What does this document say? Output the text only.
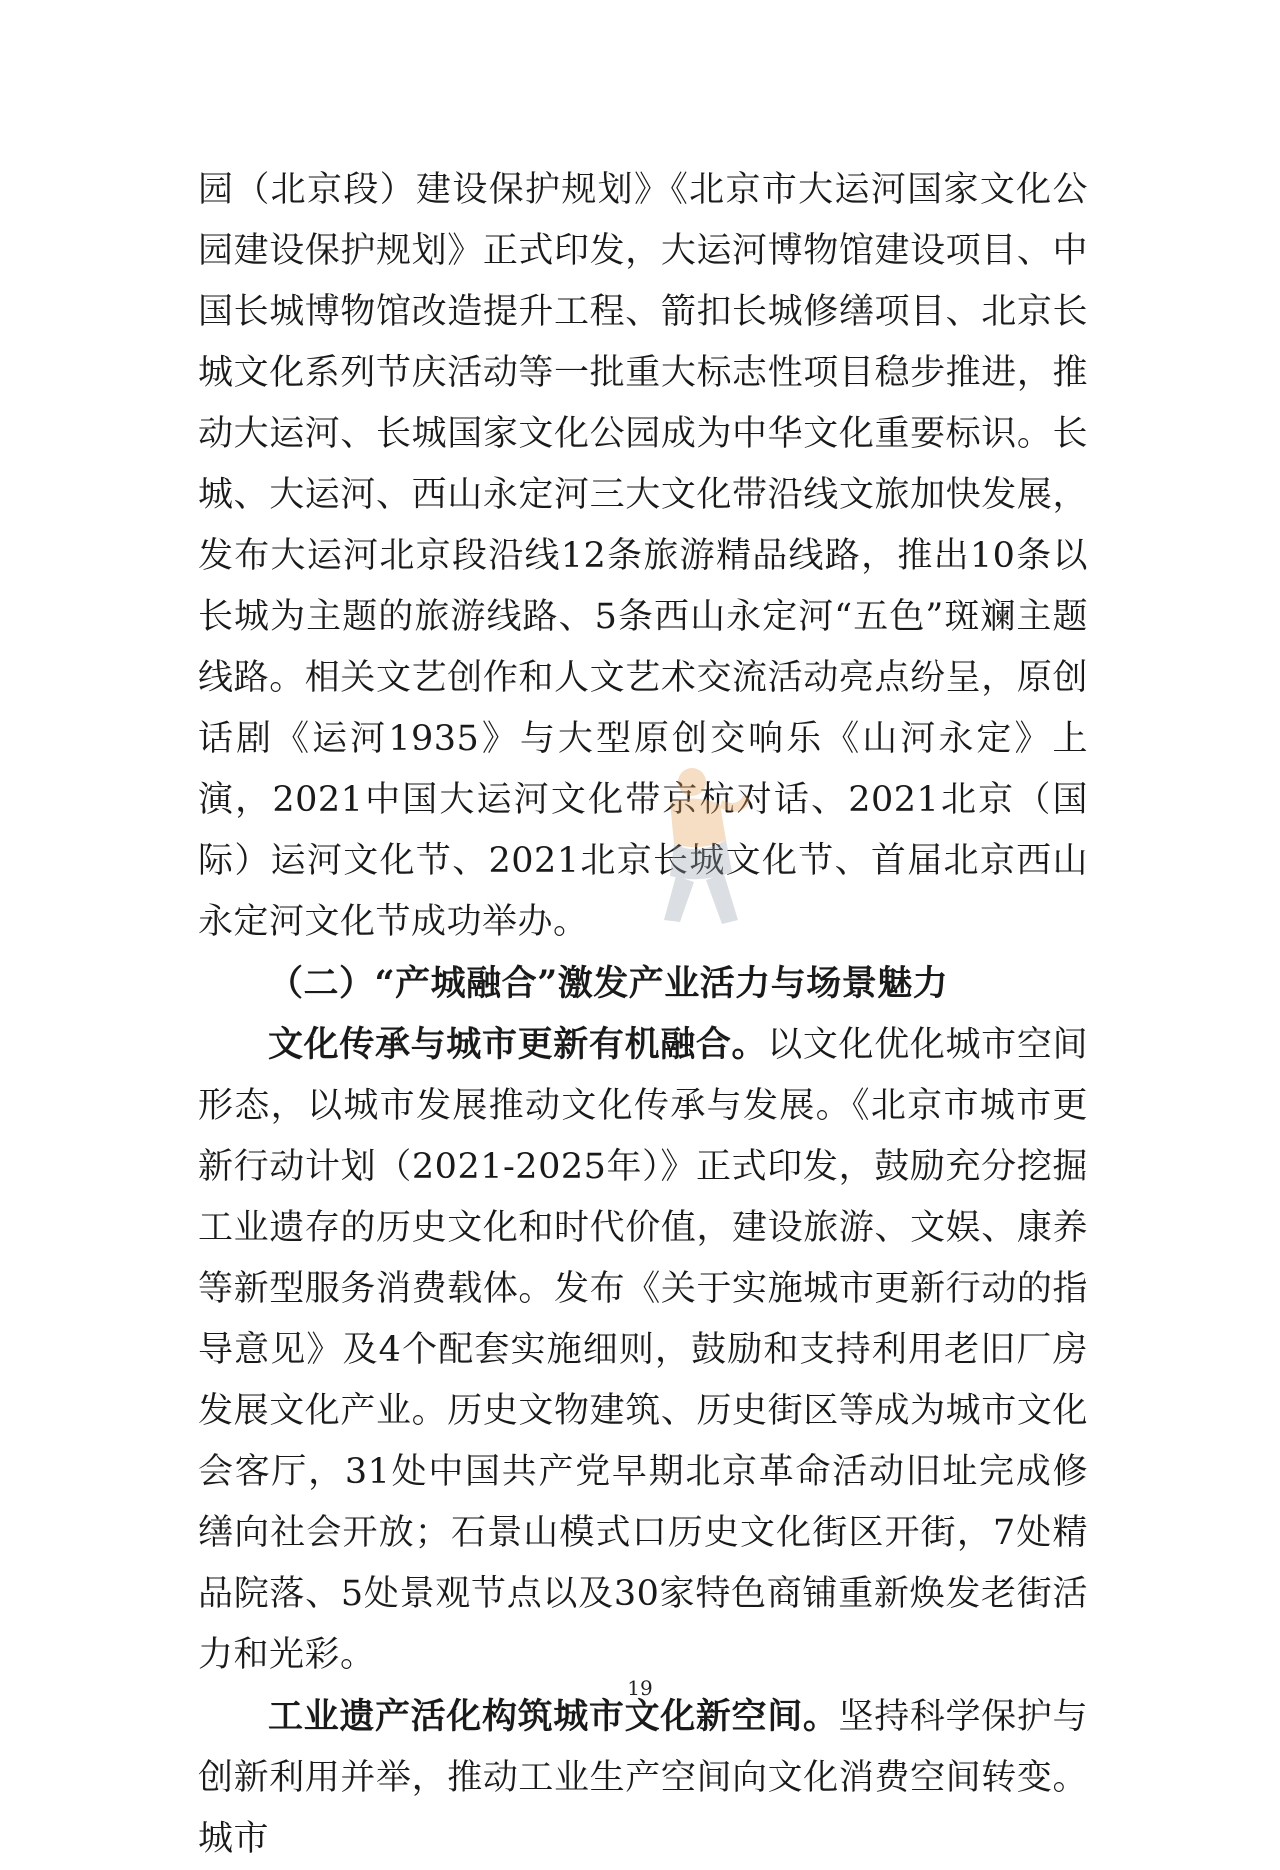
园（北京段）建设保护规划》《北京市大运河国家文化公园建设保护规划》正式印发，大运河博物馆建设项目、中国长城博物馆改造提升工程、箭扣长城修缮项目、北京长城文化系列节庆活动等一批重大标志性项目稳步推进，推动大运河、长城国家文化公园成为中华文化重要标识。长城、大运河、西山永定河三大文化带沿线文旅加快发展，发布大运河北京段沿线12条旅游精品线路，推出10条以长城为主题的旅游线路、5条西山永定河“五色”斑斓主题线路。相关文艺创作和人文艺术交流活动亮点纷呈，原创话剧《运河1935》与大型原创交响乐《山河永定》上演，2021中国大运河文化带京杭对话、2021北京（国际）运河文化节、2021北京长城文化节、首届北京西山永定河文化节成功举办。

（二）“产城融合”激发产业活力与场景魅力

文化传承与城市更新有机融合。以文化优化城市空间形态，以城市发展推动文化传承与发展。《北京市城市更新行动计划（2021-2025年）》正式印发，鼓励充分挖掘工业遗存的历史文化和时代价值，建设旅游、文娱、康养等新型服务消费载体。发布《关于实施城市更新行动的指导意见》及4个配套实施细则，鼓励和支持利用老旧厂房发展文化产业。历史文物建筑、历史街区等成为城市文化会客厅，31处中国共产党早期北京革命活动旧址完成修缮向社会开放；石景山模式口历史文化街区开街，7处精品院落、5处景观节点以及30家特色商铺重新焕发老街活力和光彩。

工业遗产活化构筑城市文化新空间。坚持科学保护与创新利用并举，推动工业生产空间向文化消费空间转变。城市

19
